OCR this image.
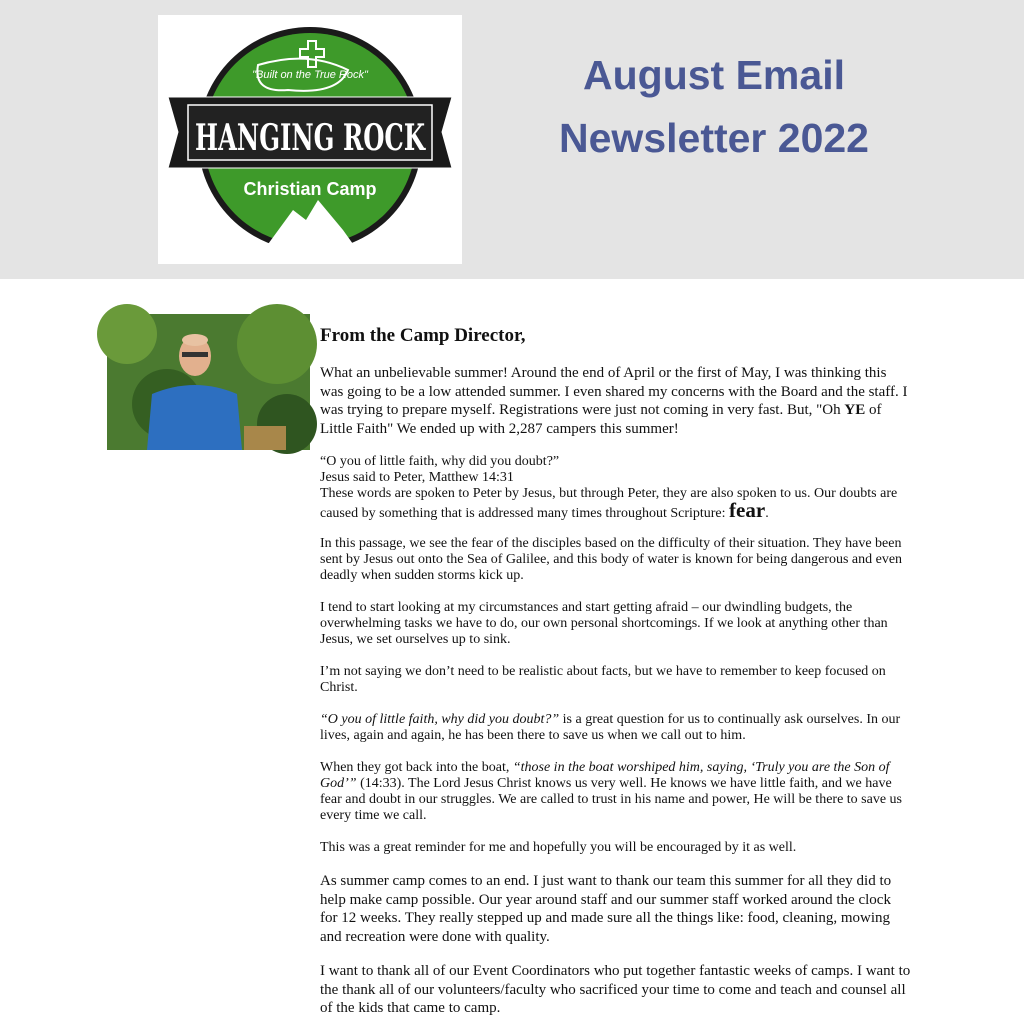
"Built on the True Rock"
HANGING ROCK
Christian Camp
August Email
Newsletter 2022
From the Camp Director,

What an unbelievable summer! Around the end of April or the first of May, I was thinking this was going to be a low attended summer. I even shared my concerns with the Board and the staff. I was trying to prepare myself. Registrations were just not coming in very fast. But, "Oh YE of Little Faith" We ended up with 2,287 campers this summer!

“O you of little faith, why did you doubt?”
Jesus said to Peter, Matthew 14:31
These words are spoken to Peter by Jesus, but through Peter, they are also spoken to us. Our doubts are caused by something that is addressed many times throughout Scripture: fear.

In this passage, we see the fear of the disciples based on the difficulty of their situation. They have been sent by Jesus out onto the Sea of Galilee, and this body of water is known for being dangerous and even deadly when sudden storms kick up.

I tend to start looking at my circumstances and start getting afraid – our dwindling budgets, the overwhelming tasks we have to do, our own personal shortcomings. If we look at anything other than Jesus, we set ourselves up to sink.

I’m not saying we don’t need to be realistic about facts, but we have to remember to keep focused on Christ.

“O you of little faith, why did you doubt?” is a great question for us to continually ask ourselves. In our lives, again and again, he has been there to save us when we call out to him.

When they got back into the boat, “those in the boat worshiped him, saying, ‘Truly you are the Son of God’” (14:33). The Lord Jesus Christ knows us very well. He knows we have little faith, and we have fear and doubt in our struggles. We are called to trust in his name and power, He will be there to save us every time we call.

This was a great reminder for me and hopefully you will be encouraged by it as well.

As summer camp comes to an end. I just want to thank our team this summer for all they did to help make camp possible. Our year around staff and our summer staff worked around the clock for 12 weeks. They really stepped up and made sure all the things like: food, cleaning, mowing and recreation were done with quality.

I want to thank all of our Event Coordinators who put together fantastic weeks of camps. I want to the thank all of our volunteers/faculty who sacrificed your time to come and teach and counsel all of the kids that came to camp.
